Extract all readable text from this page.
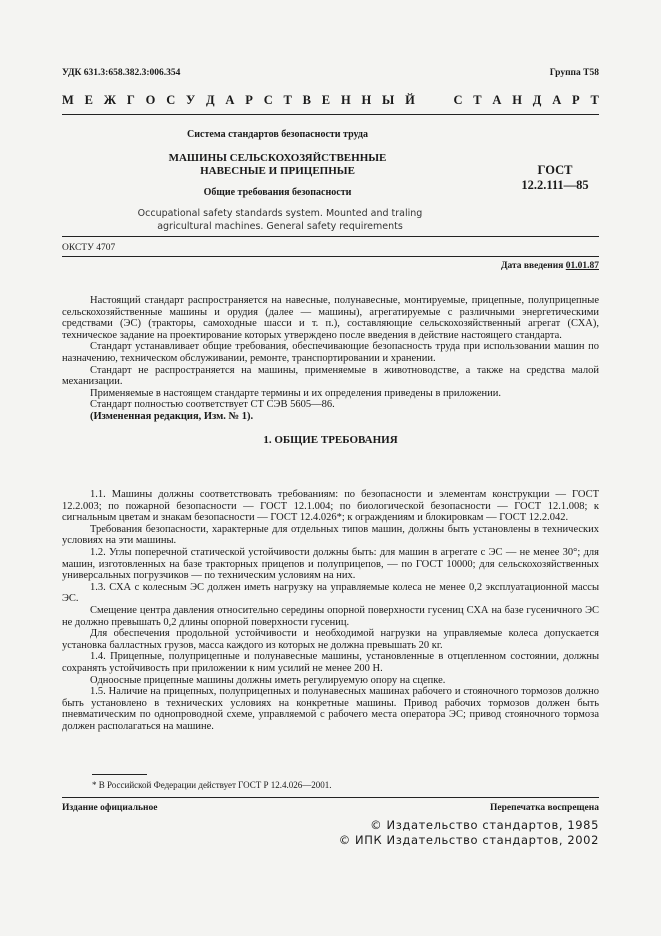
УДК 631.3:658.382.3:006.354	Группа Т58
М Е Ж Г О С У Д А Р С Т В Е Н Н Ы Й

	С Т А Н Д А Р Т
Система стандартов безопасности труда
МАШИНЫ СЕЛЬСКОХОЗЯЙСТВЕННЫЕ
НАВЕСНЫЕ И ПРИЦЕПНЫЕ
Общие требования безопасности
Occupational safety standards system. Mounted and traling
agricultural machines. General safety requirements
ГОСТ
12.2.111—85
ОКСТУ 4707
Дата введения 01.01.87

Настоящий стандарт распространяется на навесные, полунавесные, монтируемые, прицепные, полуприцепные сельскохозяйственные машины и орудия (далее — машины), агрегатируемые с различными энергетическими средствами (ЭС) (тракторы, самоходные шасси и т. п.), составляющие сельскохозяйственный агрегат (СХА), техническое задание на проектирование которых утверждено после введения в действие настоящего стандарта.

Стандарт устанавливает общие требования, обеспечивающие безопасность труда при использовании машин по назначению, техническом обслуживании, ремонте, транспортировании и хранении.

Стандарт не распространяется на машины, применяемые в животноводстве, а также на средства малой механизации.

Применяемые в настоящем стандарте термины и их определения приведены в приложении.

Стандарт полностью соответствует СТ СЭВ 5605—86.

(Измененная редакция, Изм. № 1).

1. ОБЩИЕ ТРЕБОВАНИЯ

1.1. Машины должны соответствовать требованиям: по безопасности и элементам конструкции — ГОСТ 12.2.003; по пожарной безопасности — ГОСТ 12.1.004; по биологической безопасности — ГОСТ 12.1.008; к сигнальным цветам и знакам безопасности — ГОСТ 12.4.026*; к ограждениям и блокировкам — ГОСТ 12.2.042.

Требования безопасности, характерные для отдельных типов машин, должны быть установлены в технических условиях на эти машины.

1.2. Углы поперечной статической устойчивости должны быть: для машин в агрегате с ЭС — не менее 30°; для машин, изготовленных на базе тракторных прицепов и полуприцепов, — по ГОСТ 10000; для сельскохозяйственных универсальных погрузчиков — по техническим условиям на них.

1.3. СХА с колесным ЭС должен иметь нагрузку на управляемые колеса не менее 0,2 эксплуатационной массы ЭС.

Смещение центра давления относительно середины опорной поверхности гусениц СХА на базе гусеничного ЭС не должно превышать 0,2 длины опорной поверхности гусениц.

Для обеспечения продольной устойчивости и необходимой нагрузки на управляемые колеса допускается установка балластных грузов, масса каждого из которых не должна превышать 20 кг.

1.4. Прицепные, полуприцепные и полунавесные машины, установленные в отцепленном состоянии, должны сохранять устойчивость при приложении к ним усилий не менее 200 Н.

Одноосные прицепные машины должны иметь регулируемую опору на сцепке.

1.5. Наличие на прицепных, полуприцепных и полунавесных машинах рабочего и стояночного тормозов должно быть установлено в технических условиях на конкретные машины. Привод рабочих тормозов должен быть пневматическим по однопроводной схеме, управляемой с рабочего места оператора ЭС; привод стояночного тормоза должен располагаться на машине.

* В Российской Федерации действует ГОСТ Р 12.4.026—2001.
Издание официальное	Перепечатка воспрещена
© Издательство стандартов, 1985
© ИПК Издательство стандартов, 2002
